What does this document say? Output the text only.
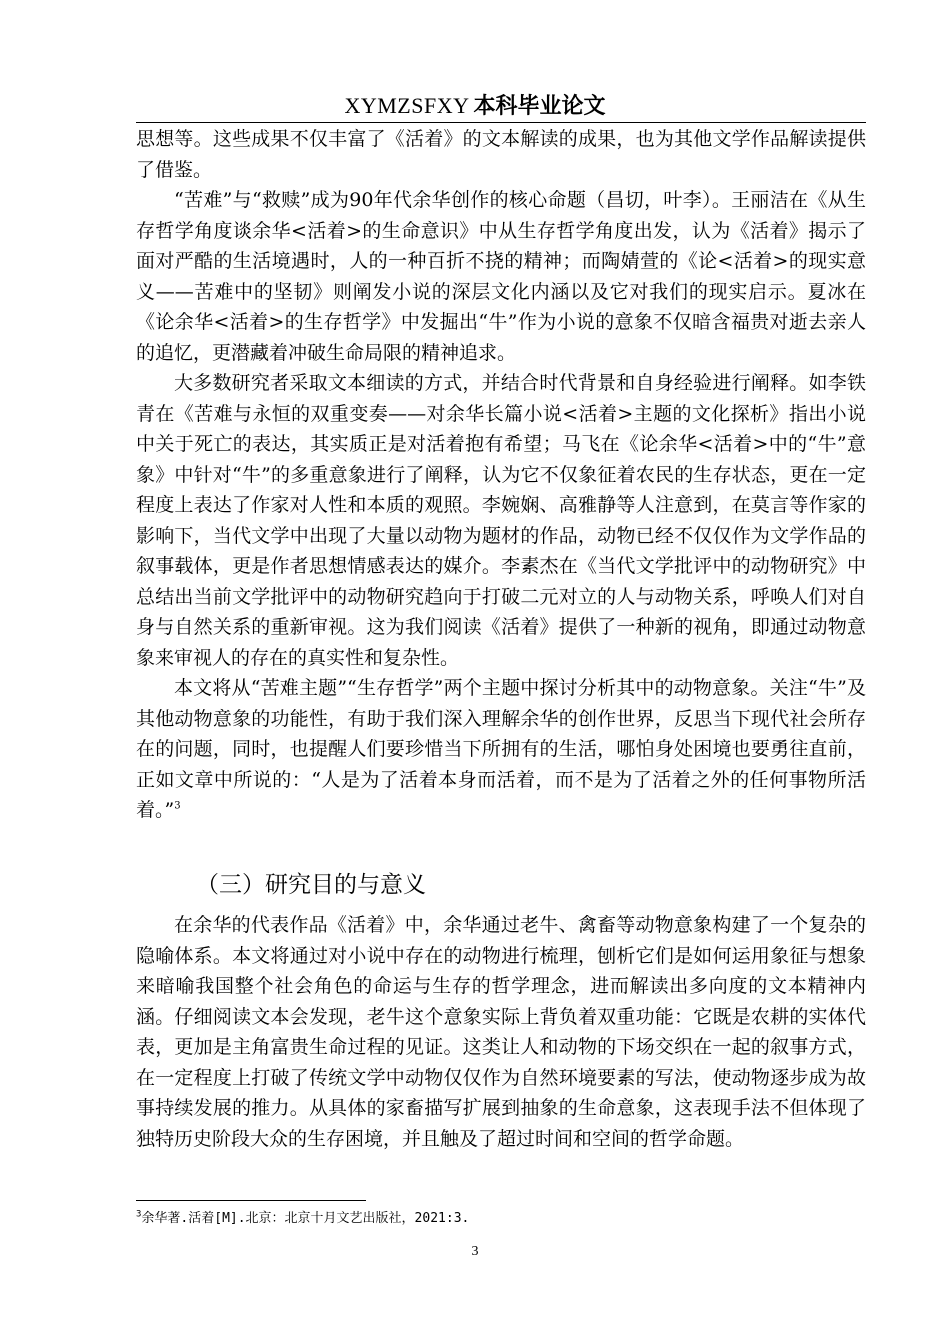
XYMZSFXY 本科毕业论文

思想等。这些成果不仅丰富了《活着》的文本解读的成果，也为其他文学作品解读提供了借鉴。

“苦难”与“救赎”成为90年代余华创作的核心命题（昌切，叶李）。王丽洁在《从生存哲学角度谈余华<活着>的生命意识》中从生存哲学角度出发，认为《活着》揭示了面对严酷的生活境遇时，人的一种百折不挠的精神；而陶婧萱的《论<活着>的现实意义——苦难中的坚韧》则阐发小说的深层文化内涵以及它对我们的现实启示。夏冰在《论余华<活着>的生存哲学》中发掘出“牛”作为小说的意象不仅暗含福贵对逝去亲人的追忆，更潜藏着冲破生命局限的精神追求。

大多数研究者采取文本细读的方式，并结合时代背景和自身经验进行阐释。如李铁青在《苦难与永恒的双重变奏——对余华长篇小说<活着>主题的文化探析》指出小说中关于死亡的表达，其实质正是对活着抱有希望；马飞在《论余华<活着>中的“牛”意象》中针对“牛”的多重意象进行了阐释，认为它不仅象征着农民的生存状态，更在一定程度上表达了作家对人性和本质的观照。李婉娴、高雅静等人注意到，在莫言等作家的影响下，当代文学中出现了大量以动物为题材的作品，动物已经不仅仅作为文学作品的叙事载体，更是作者思想情感表达的媒介。李素杰在《当代文学批评中的动物研究》中总结出当前文学批评中的动物研究趋向于打破二元对立的人与动物关系，呼唤人们对自身与自然关系的重新审视。这为我们阅读《活着》提供了一种新的视角，即通过动物意象来审视人的存在的真实性和复杂性。

本文将从“苦难主题”“生存哲学”两个主题中探讨分析其中的动物意象。关注“牛”及其他动物意象的功能性，有助于我们深入理解余华的创作世界，反思当下现代社会所存在的问题，同时，也提醒人们要珍惜当下所拥有的生活，哪怕身处困境也要勇往直前，正如文章中所说的：“人是为了活着本身而活着，而不是为了活着之外的任何事物所活着。”$^3$

（三）研究目的与意义

在余华的代表作品《活着》中，余华通过老牛、禽畜等动物意象构建了一个复杂的隐喻体系。本文将通过对小说中存在的动物进行梳理，刨析它们是如何运用象征与想象来暗喻我国整个社会角色的命运与生存的哲学理念，进而解读出多向度的文本精神内涵。仔细阅读文本会发现，老牛这个意象实际上背负着双重功能：它既是农耕的实体代表，更加是主角富贵生命过程的见证。这类让人和动物的下场交织在一起的叙事方式，在一定程度上打破了传统文学中动物仅仅作为自然环境要素的写法，使动物逐步成为故事持续发展的推力。从具体的家畜描写扩展到抽象的生命意象，这表现手法不但体现了独特历史阶段大众的生存困境，并且触及了超过时间和空间的哲学命题。

$^3$余华著.活着[M].北京：北京十月文艺出版社，2021:3.
3
